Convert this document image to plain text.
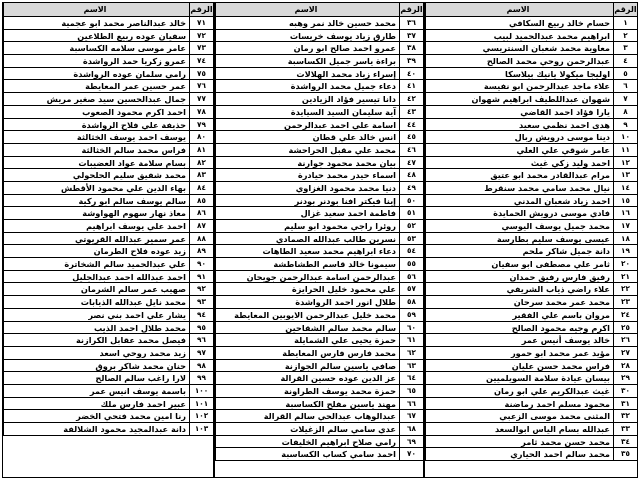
الرقم
الاسم
١
حسام خالد ربيع السكافي
٢
ابراهيم محمد عبدالحميد لبيب
٣
معاوية محمد شعبان السنتريسي
٤
عبدالرحمن روحي محمد الصالح
٥
اوليجا ميكولا يانيك بيلاسكا
٦
علاء ماجد عبدالرحمن ابو نفيسة
٧
شهوان عبداللطيف ابراهيم شهوان
٨
يارا فؤاد احمد القاضي
٩
هدى احمد نظمي سعيد
١٠
دينا موسى درويش ربال
١١
عامر شوقي علي العلي
١٢
احمد وليد زكي غيث
١٣
مرام عبدالقادر محمد ابو عتيق
١٤
نيال محمد سامي محمد سنقرط
١٥
احمد زياد شعبان المدني
١٦
فادي موسى درويش الحمايدة
١٧
محمد جميل يوسف اليوسي
١٨
عيسى يوسف سليم بطارسة
١٩
دانة جميل شاكر ملحم
٢٠
ثامر علي مصطفى ابو سفيان
٢١
رفيق فارس رفيق حمدان
٢٢
علاء راضي ذياب الشريفي
٢٣
محمد عمر محمد سرحان
٢٤
مروان باسم علي الفقير
٢٥
اكرم وجيه محمود الصالح
٢٦
خالد يوسف أنيس عمر
٢٧
مؤيد عمر محمد ابو حمور
٢٨
فراس محمد حسن عليان
٢٩
بيسان عيادة سلامة السويلميين
٣٠
غيث عبدالكريم علي ابو رمان
٣١
محمود مسلم احمد رماضنة
٣٢
المثنى محمد موسى الزعبي
٣٣
عبدالله بسام الياس ابوالسعد
٣٤
محمد حسن محمد ثامر
٣٥
محمد سالم احمد الحياري
الرقم
الاسم
٣٦
محمد حسين خالد نمر وهبه
٣٧
طارق زياد يوسف خريسات
٣٨
عمرو احمد صالح ابو رمان
٣٩
براءة ياسر جميل الكساسبة
٤٠
إسراء زياد محمد الهلالات
٤١
دعاء جميل محمد الرواشدة
٤٢
دانا تيسير فؤاد الزيادين
٤٣
آية سليمان السيد السيايدة
٤٤
اسامة علي احمد عبدالرحمن
٤٥
انس خالد علي قطان
٤٦
محمد علي مقبل الحراحشة
٤٧
بيان محمد محمود جوارنة
٤٨
اسماء حيدر محمد حيادرة
٤٩
دنيا محمد محمود الغزاوي
٥٠
إينا فيكتر افنا بودنر بودنر
٥١
فاطمة احمد سعيد غزال
٥٢
روئرا راجي محمود ابو سليم
٥٣
نسرين طالب عبدالله الصمادي
٥٤
دعاء ابراهيم محمد سعيد الطاهات
٥٥
سيمونا خالد قاسم الطشاطشة
٥٦
عبدالرحمن اسامة عبدالرحمن جويحان
٥٧
علي محمود خليل الحرايزة
٥٨
طلال انور احمد الرواشدة
٥٩
محمد خليل عبدالرحمن الايوبين المعايطة
٦٠
سالم محمد سالم الشقاحين
٦١
حمزة يحيى علي الشمايلة
٦٢
محمد فارس فارس المعايطة
٦٣
صافي ياسين سالم الجوازنة
٦٤
عز الدين عوده حسين القرالة
٦٥
حمزة محمد يوسف الطراونة
٦٦
مهند ياسين مفلح الكساسبة
٦٧
عبدالوهاب عبدالحي سالم القرالة
٦٨
عدي سامي سالم الزغيلات
٦٩
رامي صلاح ابراهيم الخليفات
٧٠
احمد سامي كساب الكساسبة
الرقم
الاسم
٧١
خالد عبدالناصر محمد ابو عجمية
٧٢
سفيان عوده ربيع الطلاعين
٧٣
عامر موسى سلامه الكساسبة
٧٤
عمرو زكريا حمد الرواشدة
٧٥
رامي سلمان عوده الرواشدة
٧٦
عمر حسين عمر المعايطة
٧٧
جمال عبدالحسين سيد صغير مريش
٧٨
احمد اكرم محمود الصعوب
٧٩
حذيفة علي فلاح الرواشدة
٨٠
يوسف احمد يوسف الخثالثة
٨١
فراس محمد سالم الخثالثة
٨٢
بسام سلامة عواد العضيبات
٨٣
محمد شفيق سليم الحلحولي
٨٤
بهاء الدين علي محمود الأقطش
٨٥
سالم يوسف سالم ابو ركية
٨٦
معاذ نهار سهوم الهواوشة
٨٧
احمد علي يوسف ابراهيم
٨٨
عمر سمير عبدالله القريوتي
٨٩
زيد عوده فلاح الطرمان
٩٠
علي عبدالحميد سالم الشخاترة
٩١
احمد عبدالله احمد عبدالجليل
٩٢
صهيب عمر سالم الشرمان
٩٣
محمد نايل عبدالله الذيابات
٩٤
يشار علي احمد بني نصر
٩٥
محمد طلال احمد الذيب
٩٦
فيصل محمد عقابل الكرازنة
٩٧
زيد محمد روحي اسعد
٩٨
حنان محمد شاكر بروق
٩٩
لارا راغب سالم الصالح
١٠٠
باسمة يوسف انيس عمر
١٠١
عبير احمد فارس ملك
١٠٢
رنا امين محمد فتحي الخضر
١٠٣
دانة عبدالمجيد محمود الشلالفة
